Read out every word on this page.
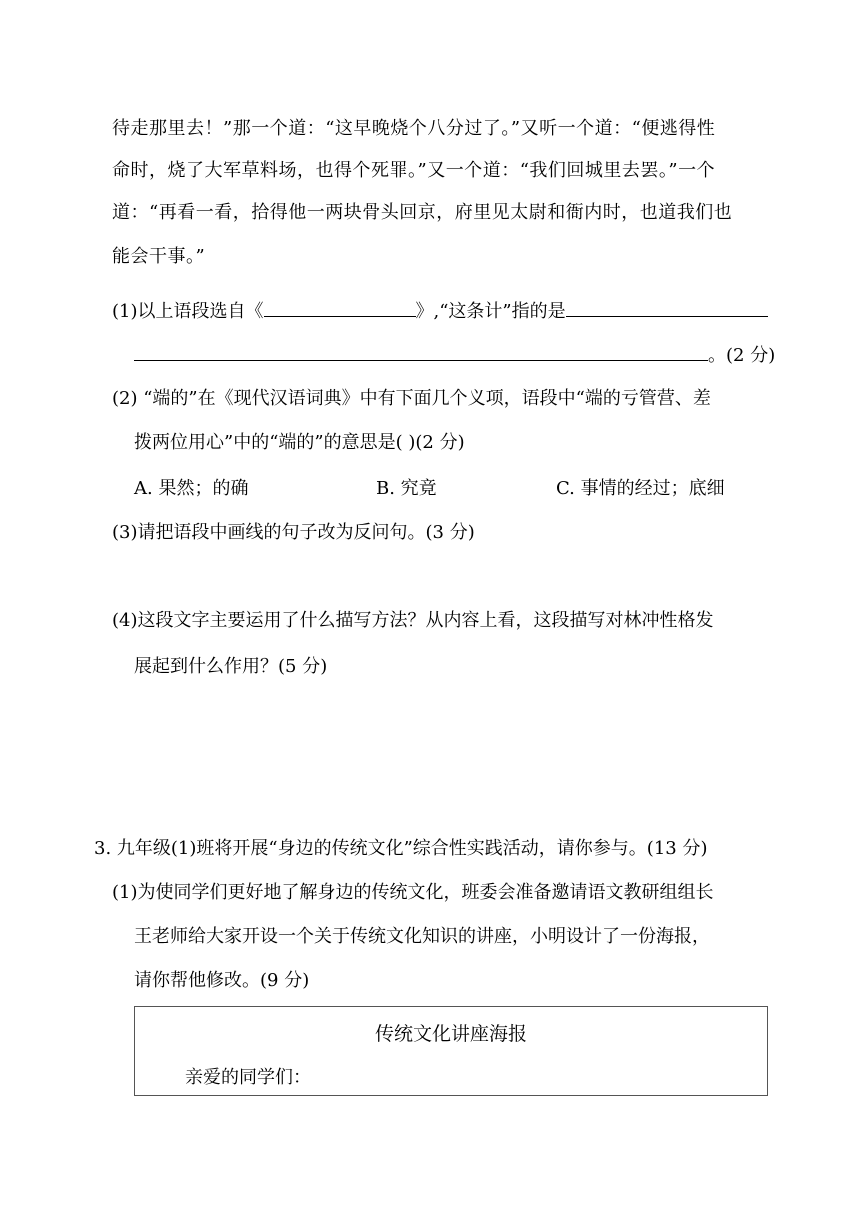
待走那里去！”那一个道：“这早晚烧个八分过了。”又听一个道：“便逃得性
命时，烧了大军草料场，也得个死罪。”又一个道：“我们回城里去罢。”一个
道：“再看一看，拾得他一两块骨头回京，府里见太尉和衙内时，也道我们也
能会干事。”
(1)以上语段选自《	》,“这条计”指的是
。(2 分)
(2) “端的”在《现代汉语词典》中有下面几个义项，语段中“端的亏管营、差
拨两位用心”中的“端的”的意思是( )(2 分)
A. 果然；的确	B. 究竟	C. 事情的经过；底细
(3)请把语段中画线的句子改为反问句。(3 分)
(4)这段文字主要运用了什么描写方法？从内容上看，这段描写对林冲性格发
展起到什么作用？(5 分)
3. 九年级(1)班将开展“身边的传统文化”综合性实践活动，请你参与。(13 分)
(1)为使同学们更好地了解身边的传统文化，班委会准备邀请语文教研组组长
王老师给大家开设一个关于传统文化知识的讲座，小明设计了一份海报，
请你帮他修改。(9 分)
传统文化讲座海报
亲爱的同学们：
